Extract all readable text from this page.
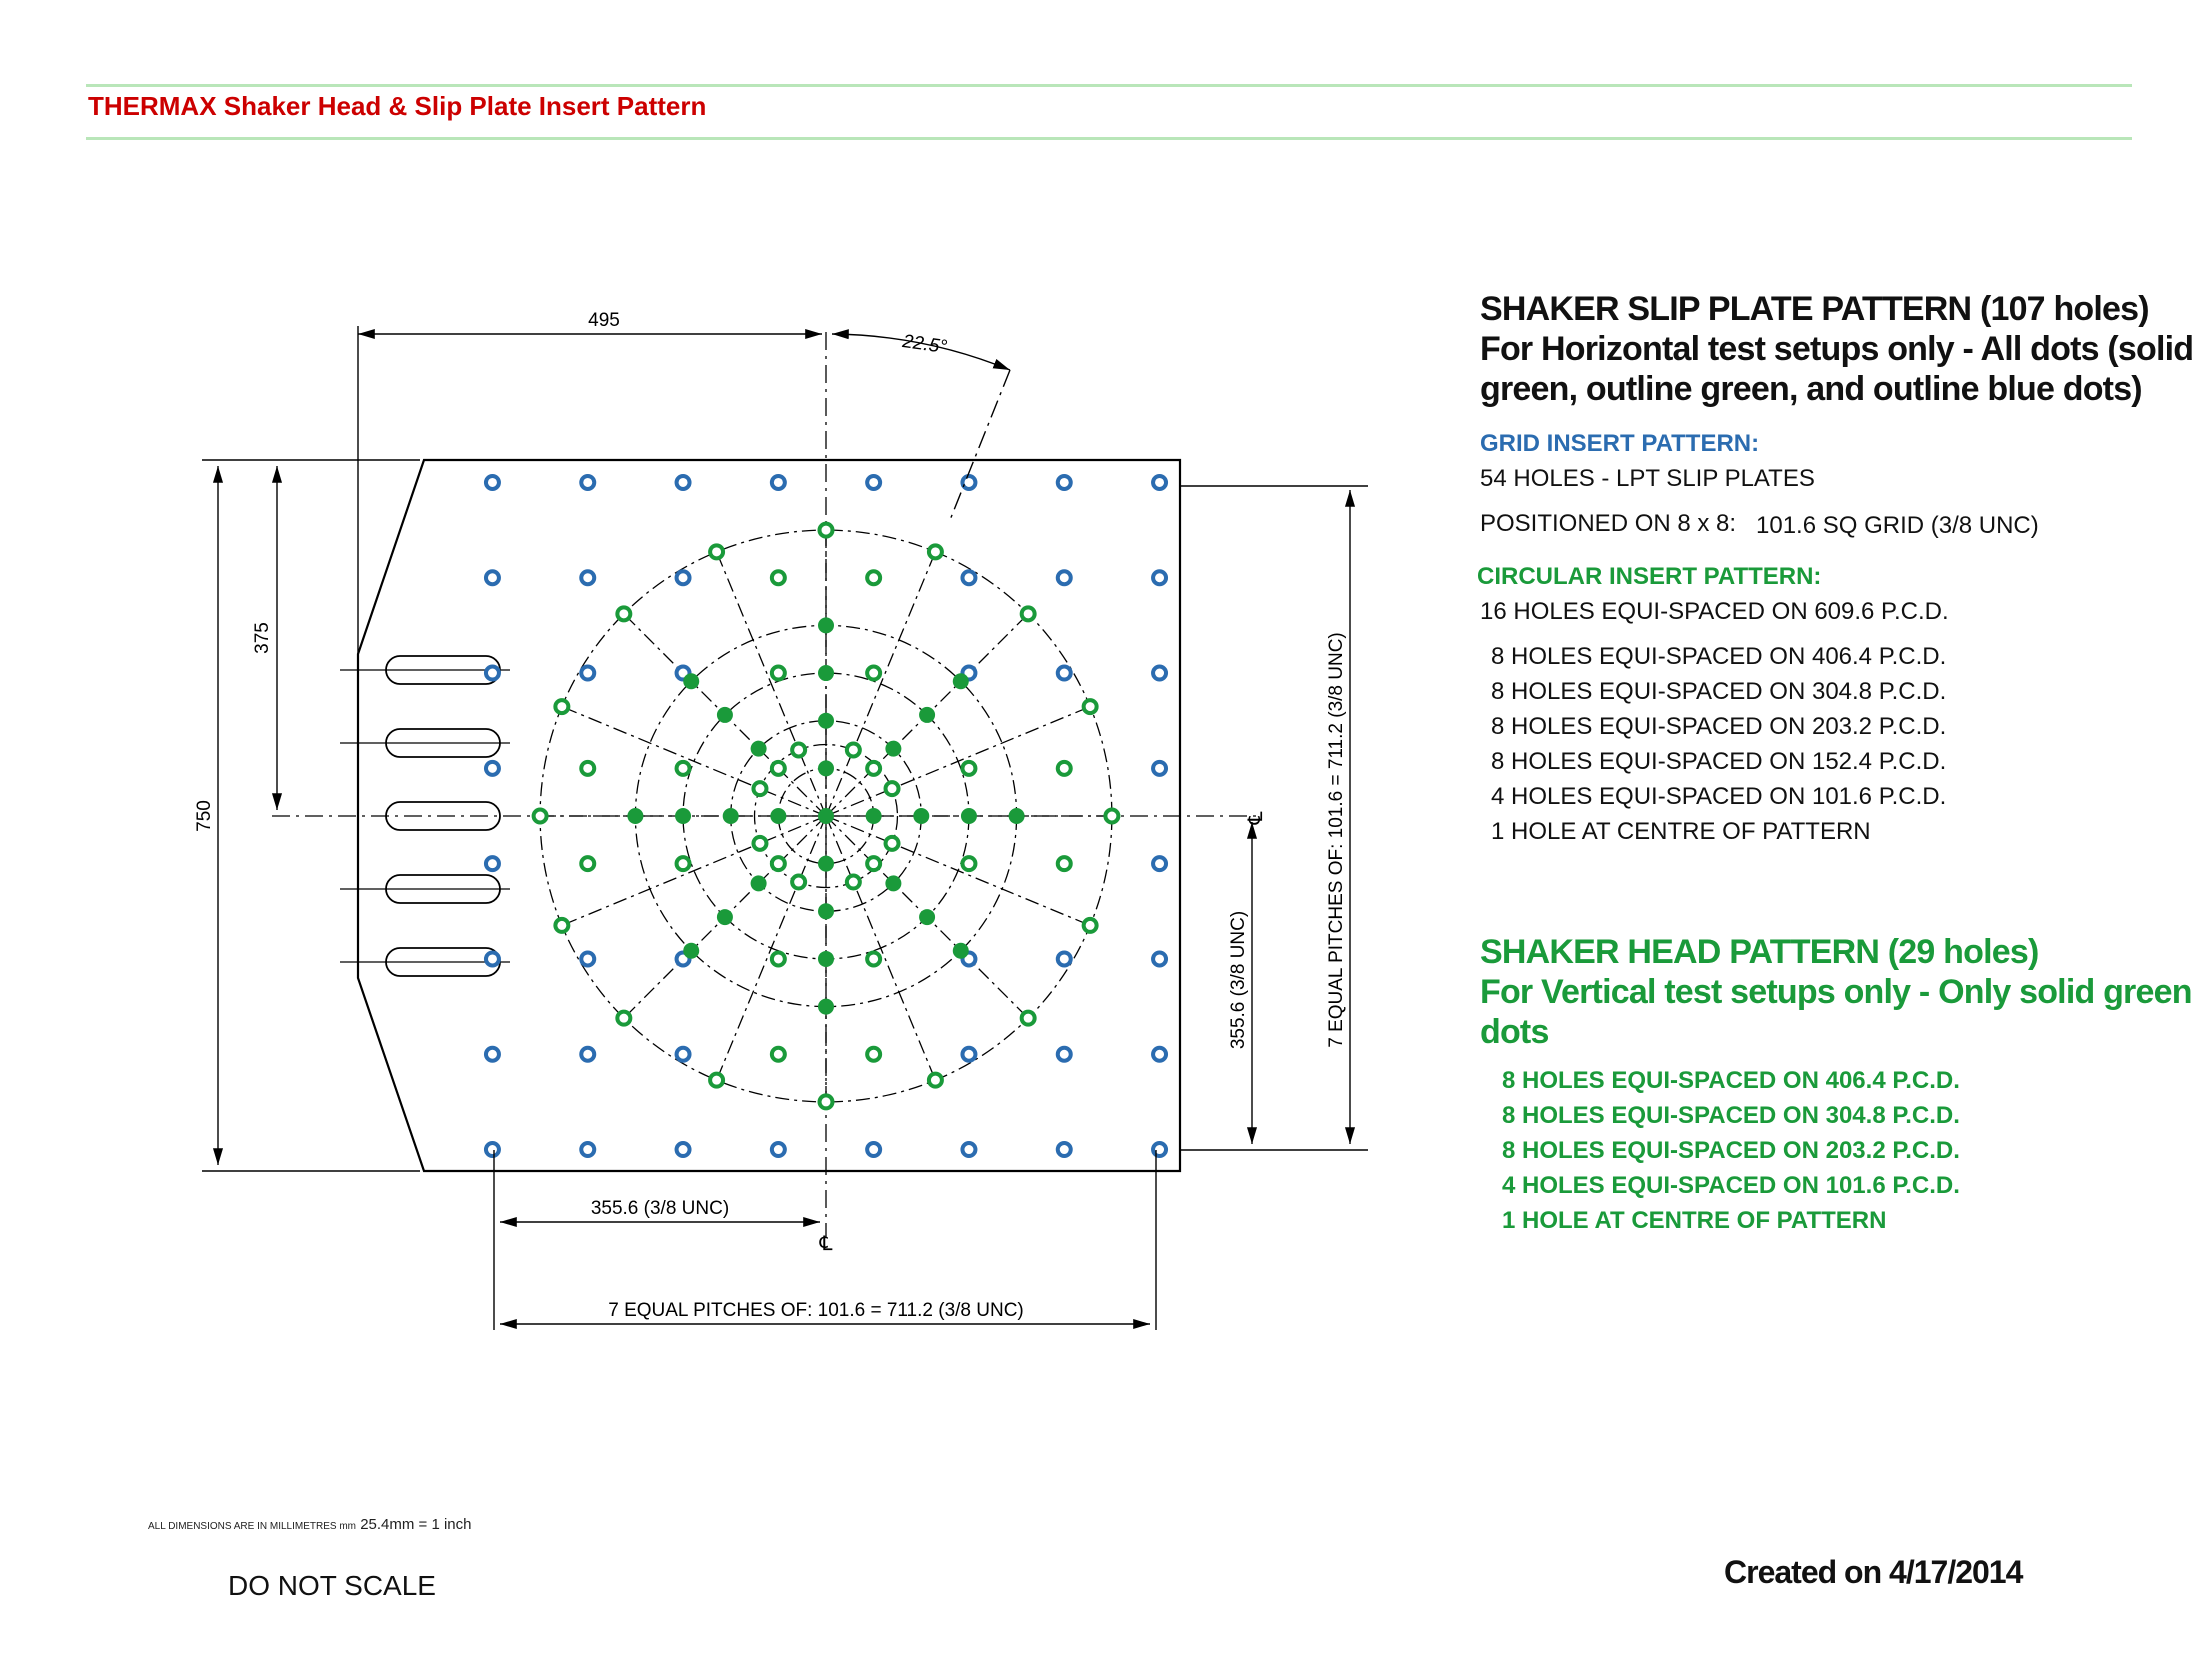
THERMAX Shaker Head & Slip Plate Insert Pattern
495
22.5°
750
375
355.6 (3/8 UNC)	7 EQUAL PITCHES OF: 101.6 = 711.2 (3/8 UNC)
355.6 (3/8 UNC)
7 EQUAL PITCHES OF: 101.6 = 711.2 (3/8 UNC)
℄
℄
SHAKER SLIP PLATE PATTERN (107 holes)
For Horizontal test setups only - All dots (solid
green, outline green, and outline blue dots)
GRID INSERT PATTERN:
54 HOLES - LPT SLIP PLATES
POSITIONED ON 8 x 8: 101.6 SQ GRID (3/8 UNC)
CIRCULAR INSERT PATTERN:
16 HOLES EQUI-SPACED ON 609.6 P.C.D.
8 HOLES EQUI-SPACED ON 406.4 P.C.D.
8 HOLES EQUI-SPACED ON 304.8 P.C.D.
8 HOLES EQUI-SPACED ON 203.2 P.C.D.
8 HOLES EQUI-SPACED ON 152.4 P.C.D.
4 HOLES EQUI-SPACED ON 101.6 P.C.D.
1 HOLE AT CENTRE OF PATTERN
SHAKER HEAD PATTERN (29 holes)
For Vertical test setups only - Only solid green
dots
8 HOLES EQUI-SPACED ON 406.4 P.C.D.
8 HOLES EQUI-SPACED ON 304.8 P.C.D.
8 HOLES EQUI-SPACED ON 203.2 P.C.D.
4 HOLES EQUI-SPACED ON 101.6 P.C.D.
1 HOLE AT CENTRE OF PATTERN
ALL DIMENSIONS ARE IN MILLIMETRES mm 25.4mm = 1 inch
DO NOT SCALE	Created on 4/17/2014
